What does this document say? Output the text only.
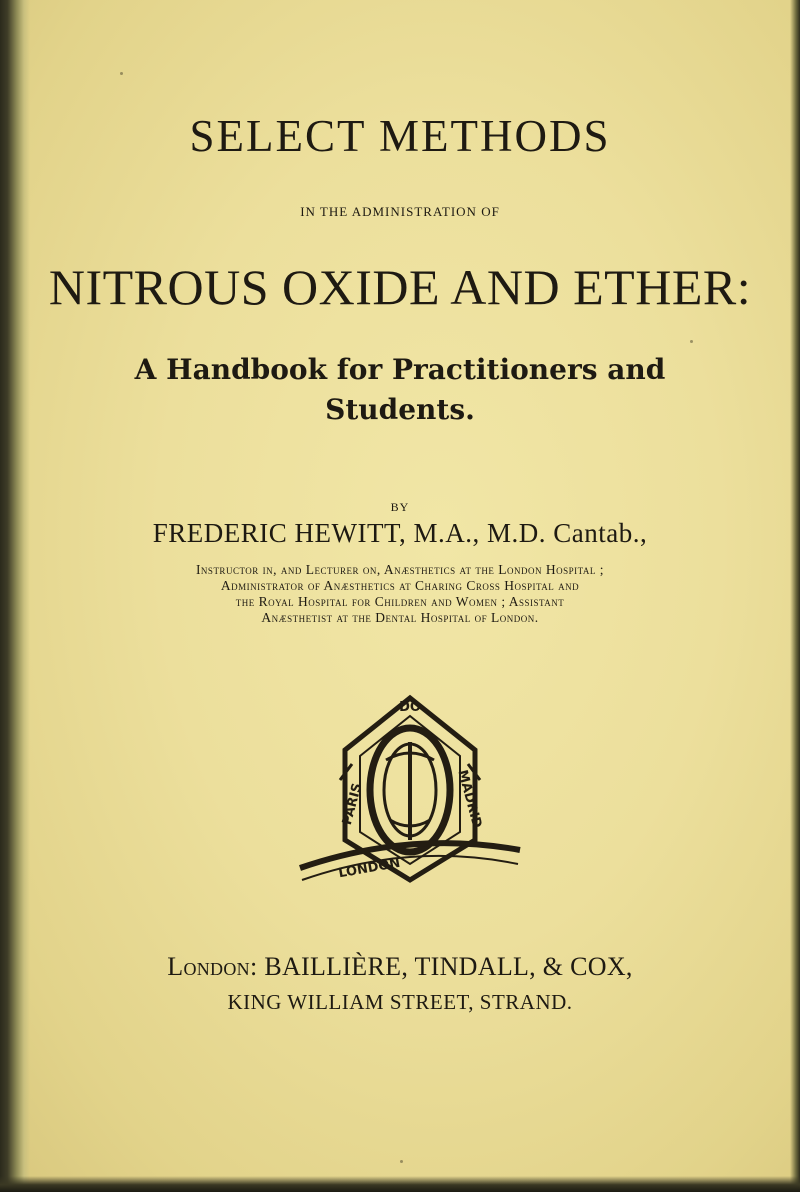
SELECT METHODS
IN THE ADMINISTRATION OF
NITROUS OXIDE AND ETHER:
A Handbook for Practitioners and
Students.
BY
FREDERIC HEWITT, M.A., M.D. Cantab.,
Instructor in, and Lecturer on, Anæsthetics at the London Hospital ;
Administrator of Anæsthetics at Charing Cross Hospital and
the Royal Hospital for Children and Women ; Assistant
Anæsthetist at the Dental Hospital of London.
DO
PARIS	MADRID
LONDON
London: BAILLIÈRE, TINDALL, & COX,
KING WILLIAM STREET, STRAND.
